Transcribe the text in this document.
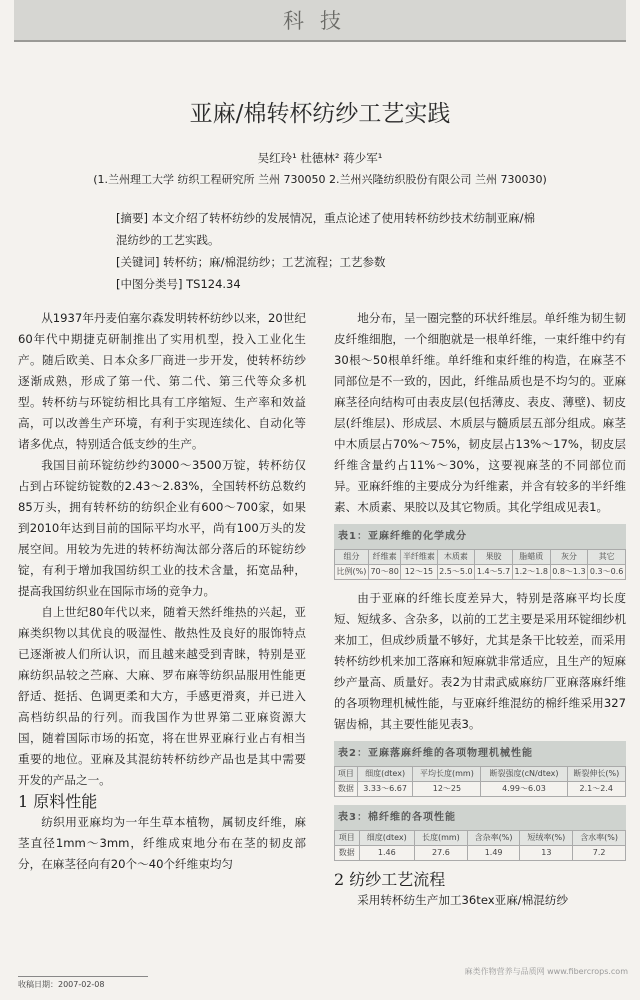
科技
亚麻/棉转杯纺纱工艺实践
吴红玲¹ 杜德林² 蒋少军¹
(1.兰州理工大学 纺织工程研究所 兰州 730050 2.兰州兴隆纺织股份有限公司 兰州 730030)

[摘要] 本文介绍了转杯纺纱的发展情况，重点论述了使用转杯纺纱技术纺制亚麻/棉混纺纱的工艺实践。

[关键词] 转杯纺；麻/棉混纺纱；工艺流程；工艺参数

[中图分类号] TS124.34

从1937年丹麦伯塞尔森发明转杯纺纱以来，20世纪60年代中期捷克研制推出了实用机型，投入工业化生产。随后欧美、日本众多厂商进一步开发，使转杯纺纱逐渐成熟，形成了第一代、第二代、第三代等众多机型。转杯纺与环锭纺相比具有工序缩短、生产率和效益高，可以改善生产环境，有利于实现连续化、自动化等诸多优点，特别适合低支纱的生产。

我国目前环锭纺纱约3000～3500万锭，转杯纺仅占到占环锭纺锭数的2.43～2.83%，全国转杯纺总数约85万头，拥有转杯纺的纺织企业有600～700家，如果到2010年达到目前的国际平均水平，尚有100万头的发展空间。用较为先进的转杯纺淘汰部分落后的环锭纺纱锭，有利于增加我国纺织工业的技术含量，拓宽品种，提高我国纺织业在国际市场的竞争力。

自上世纪80年代以来，随着天然纤维热的兴起，亚麻类织物以其优良的吸湿性、散热性及良好的服饰特点已逐渐被人们所认识，而且越来越受到青睐，特别是亚麻纺织品较之苎麻、大麻、罗布麻等纺织品服用性能更舒适、挺括、色调更柔和大方，手感更滑爽，并已进入高档纺织品的行列。而我国作为世界第二亚麻资源大国，随着国际市场的拓宽，将在世界亚麻行业占有相当重要的地位。亚麻及其混纺转杯纺纱产品也是其中需要开发的产品之一。

1 原料性能

纺织用亚麻均为一年生草本植物，属韧皮纤维，麻茎直径1mm～3mm，纤维成束地分布在茎的韧皮部分，在麻茎径向有20个～40个纤维束均匀

地分布，呈一圈完整的环状纤维层。单纤维为韧生韧皮纤维细胞，一个细胞就是一根单纤维，一束纤维中约有30根～50根单纤维。单纤维和束纤维的构造，在麻茎不同部位是不一致的，因此，纤维品质也是不均匀的。亚麻麻茎径向结构可由表皮层(包括薄皮、表皮、薄壁)、韧皮层(纤维层)、形成层、木质层与髓质层五部分组成。麻茎中木质层占70%～75%，韧皮层占13%～17%，韧皮层纤维含量约占11%～30%，这要视麻茎的不同部位而异。亚麻纤维的主要成分为纤维素，并含有较多的半纤维素、木质素、果胶以及其它物质。其化学组成见表1。

表1：亚麻纤维的化学成分
组分	纤维素	半纤维素	木质素	果胶	脂蜡质	灰分	其它
比例(%)	70～80	12～15	2.5～5.0	1.4～5.7	1.2～1.8	0.8～1.3	0.3～0.6

由于亚麻的纤维长度差异大，特别是落麻平均长度短、短绒多、含杂多，以前的工艺主要是采用环锭细纱机来加工，但成纱质量不够好，尤其是条干比较差，而采用转杯纺纱机来加工落麻和短麻就非常适应，且生产的短麻纱产量高、质量好。表2为甘肃武威麻纺厂亚麻落麻纤维的各项物理机械性能，与亚麻纤维混纺的棉纤维采用327锯齿棉，其主要性能见表3。

表2：亚麻落麻纤维的各项物理机械性能
项目	细度(dtex)	平均长度(mm)	断裂强度(cN/dtex)	断裂伸长(%)
数据	3.33～6.67	12～25	4.99～6.03	2.1～2.4
表3：棉纤维的各项性能
项目	细度(dtex)	长度(mm)	含杂率(%)	短绒率(%)	含水率(%)
数据	1.46	27.6	1.49	13	7.2

2 纺纱工艺流程

采用转杯纺生产加工36tex亚麻/棉混纺纱

收稿日期：2007-02-08
麻类作物营养与品质网 www.fibercrops.com
